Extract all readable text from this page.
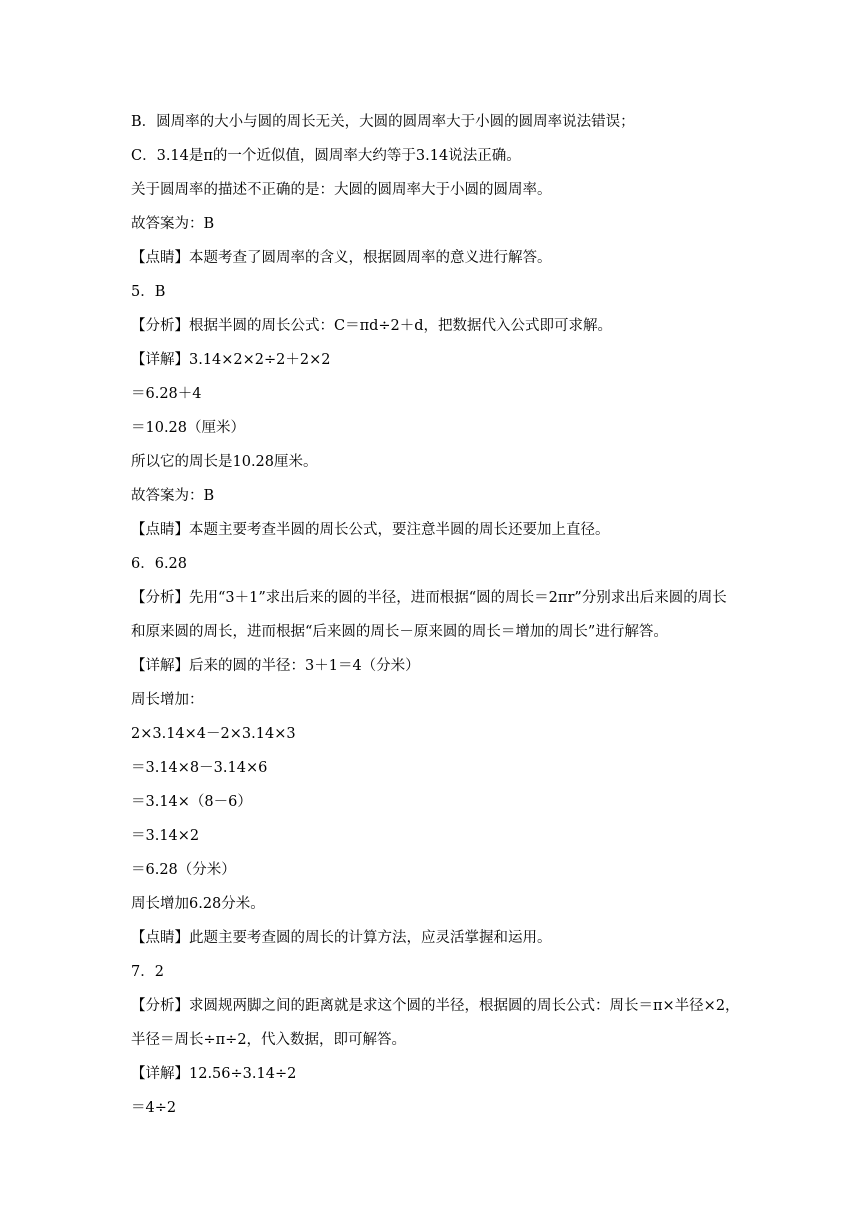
B．圆周率的大小与圆的周长无关，大圆的圆周率大于小圆的圆周率说法错误；
C．3.14是π的一个近似值，圆周率大约等于3.14说法正确。
关于圆周率的描述不正确的是：大圆的圆周率大于小圆的圆周率。
故答案为：B
【点睛】本题考查了圆周率的含义，根据圆周率的意义进行解答。
5．B
【分析】根据半圆的周长公式：C＝πd÷2＋d，把数据代入公式即可求解。
【详解】3.14×2×2÷2＋2×2
＝6.28＋4
＝10.28（厘米）
所以它的周长是10.28厘米。
故答案为：B
【点睛】本题主要考查半圆的周长公式，要注意半圆的周长还要加上直径。
6．6.28
【分析】先用“3＋1”求出后来的圆的半径，进而根据“圆的周长＝2πr”分别求出后来圆的周长和原来圆的周长，进而根据“后来圆的周长－原来圆的周长＝增加的周长”进行解答。
【详解】后来的圆的半径：3＋1＝4（分米）
周长增加：
2×3.14×4－2×3.14×3
＝3.14×8－3.14×6
＝3.14×（8－6）
＝3.14×2
＝6.28（分米）
周长增加6.28分米。
【点睛】此题主要考查圆的周长的计算方法，应灵活掌握和运用。
7．2
【分析】求圆规两脚之间的距离就是求这个圆的半径，根据圆的周长公式：周长＝π×半径×2，半径＝周长÷π÷2，代入数据，即可解答。
【详解】12.56÷3.14÷2
＝4÷2
